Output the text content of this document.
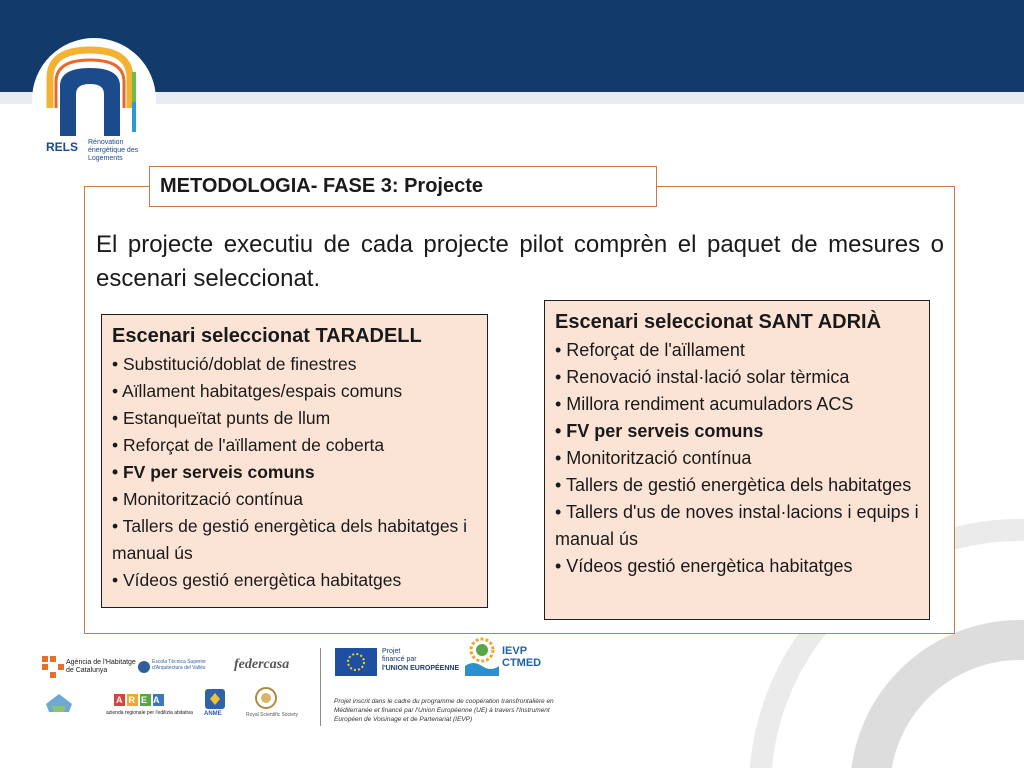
RELS Rénovation énergétique des Logements
METODOLOGIA- FASE 3: Projecte
El projecte executiu de cada projecte pilot comprèn el paquet de mesures o escenari seleccionat.
Escenari seleccionat TARADELL
• Substitució/doblat de finestres
• Aïllament habitatges/espais comuns
• Estanqueïtat punts de llum
• Reforçat de l'aïllament de coberta
• FV per serveis comuns
• Monitorització contínua
• Tallers de gestió energètica dels habitatges i manual ús
• Vídeos gestió energètica habitatges
Escenari seleccionat SANT ADRIÀ
• Reforçat de l'aïllament
• Renovació instal·lació solar tèrmica
• Millora rendiment acumuladors ACS
• FV per serveis comuns
• Monitorització contínua
• Tallers de gestió energètica dels habitatges
• Tallers d'us de noves instal·lacions i equips i manual ús
• Vídeos gestió energètica habitatges
Agència de l'Habitatge de Catalunya
Escola Tècnica Superior d'Arquitectura del Vallès	federcasa
AREA
azienda regionale per l'edilizia abitativa ANME	Royal Scientific Society
Projet
financé par
l'UNION EUROPÉENNE
IEVP
CTMED
Projet inscrit dans le cadre du programme de coopération transfrontalière en Méditerranée et financé par l'Union Européenne (UE) à travers l'Instrument Européen de Voisinage et de Partenariat (IEVP)
